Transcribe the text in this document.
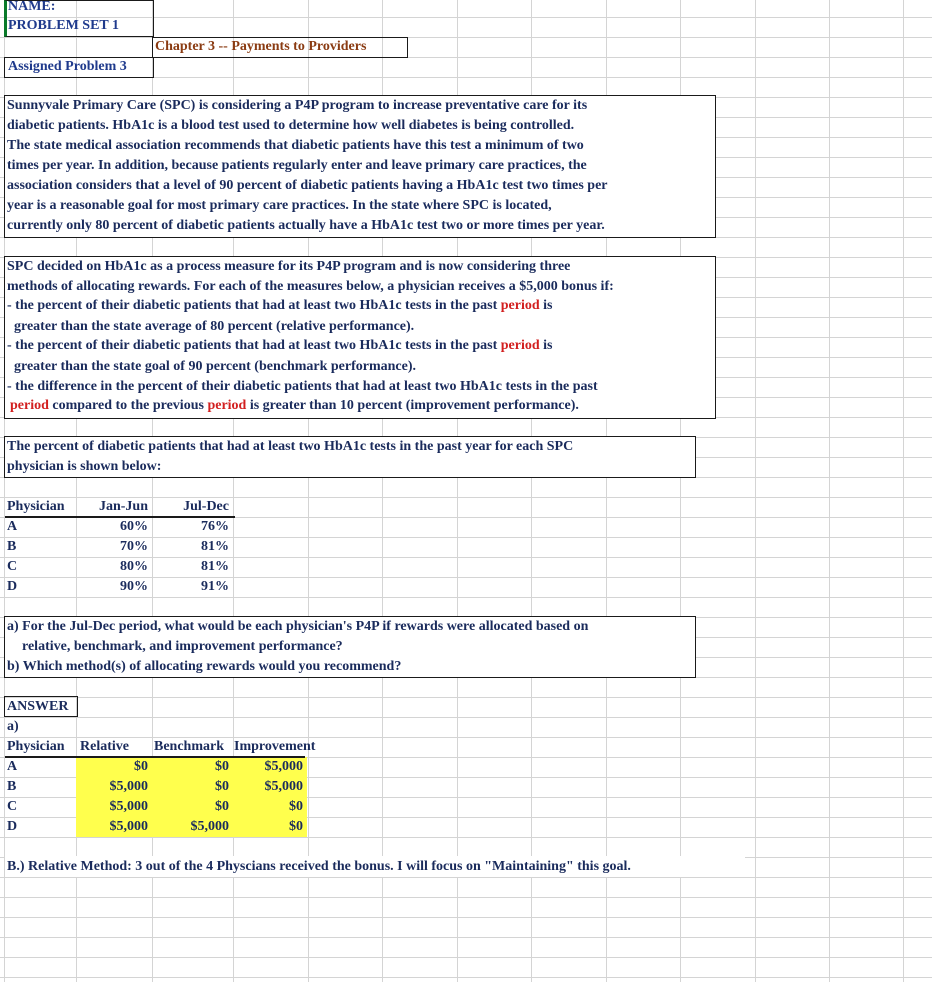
NAME:
PROBLEM SET 1
Chapter 3 -- Payments to Providers
Assigned Problem 3
Sunnyvale Primary Care (SPC) is considering a P4P program to increase preventative care for its
diabetic patients. HbA1c is a blood test used to determine how well diabetes is being controlled.
The state medical association recommends that diabetic patients have this test a minimum of two
times per year. In addition, because patients regularly enter and leave primary care practices, the
association considers that a level of 90 percent of diabetic patients having a HbA1c test two times per
year is a reasonable goal for most primary care practices. In the state where SPC is located,
currently only 80 percent of diabetic patients actually have a HbA1c test two or more times per year.
SPC decided on HbA1c as a process measure for its P4P program and is now considering three
methods of allocating rewards. For each of the measures below, a physician receives a $5,000 bonus if:
- the percent of their diabetic patients that had at least two HbA1c tests in the past period is
greater than the state average of 80 percent (relative performance).
- the percent of their diabetic patients that had at least two HbA1c tests in the past period is
greater than the state goal of 90 percent (benchmark performance).
- the difference in the percent of their diabetic patients that had at least two HbA1c tests in the past
period compared to the previous period is greater than 10 percent (improvement performance).
The percent of diabetic patients that had at least two HbA1c tests in the past year for each SPC
physician is shown below:
Physician	Jan-Jun	Jul-Dec
A	60%	76%
B	70%	81%
C	80%	81%
D	90%	91%
a) For the Jul-Dec period, what would be each physician's P4P if rewards were allocated based on
relative, benchmark, and improvement performance?
b) Which method(s) of allocating rewards would you recommend?
ANSWER
a)
Physician Relative Benchmark Improvement
A	$0	$0	$5,000
B	$5,000	$0	$5,000
C	$5,000	$0	$0
D	$5,000	$5,000	$0
B.) Relative Method: 3 out of the 4 Physcians received the bonus. I will focus on "Maintaining" this goal.
